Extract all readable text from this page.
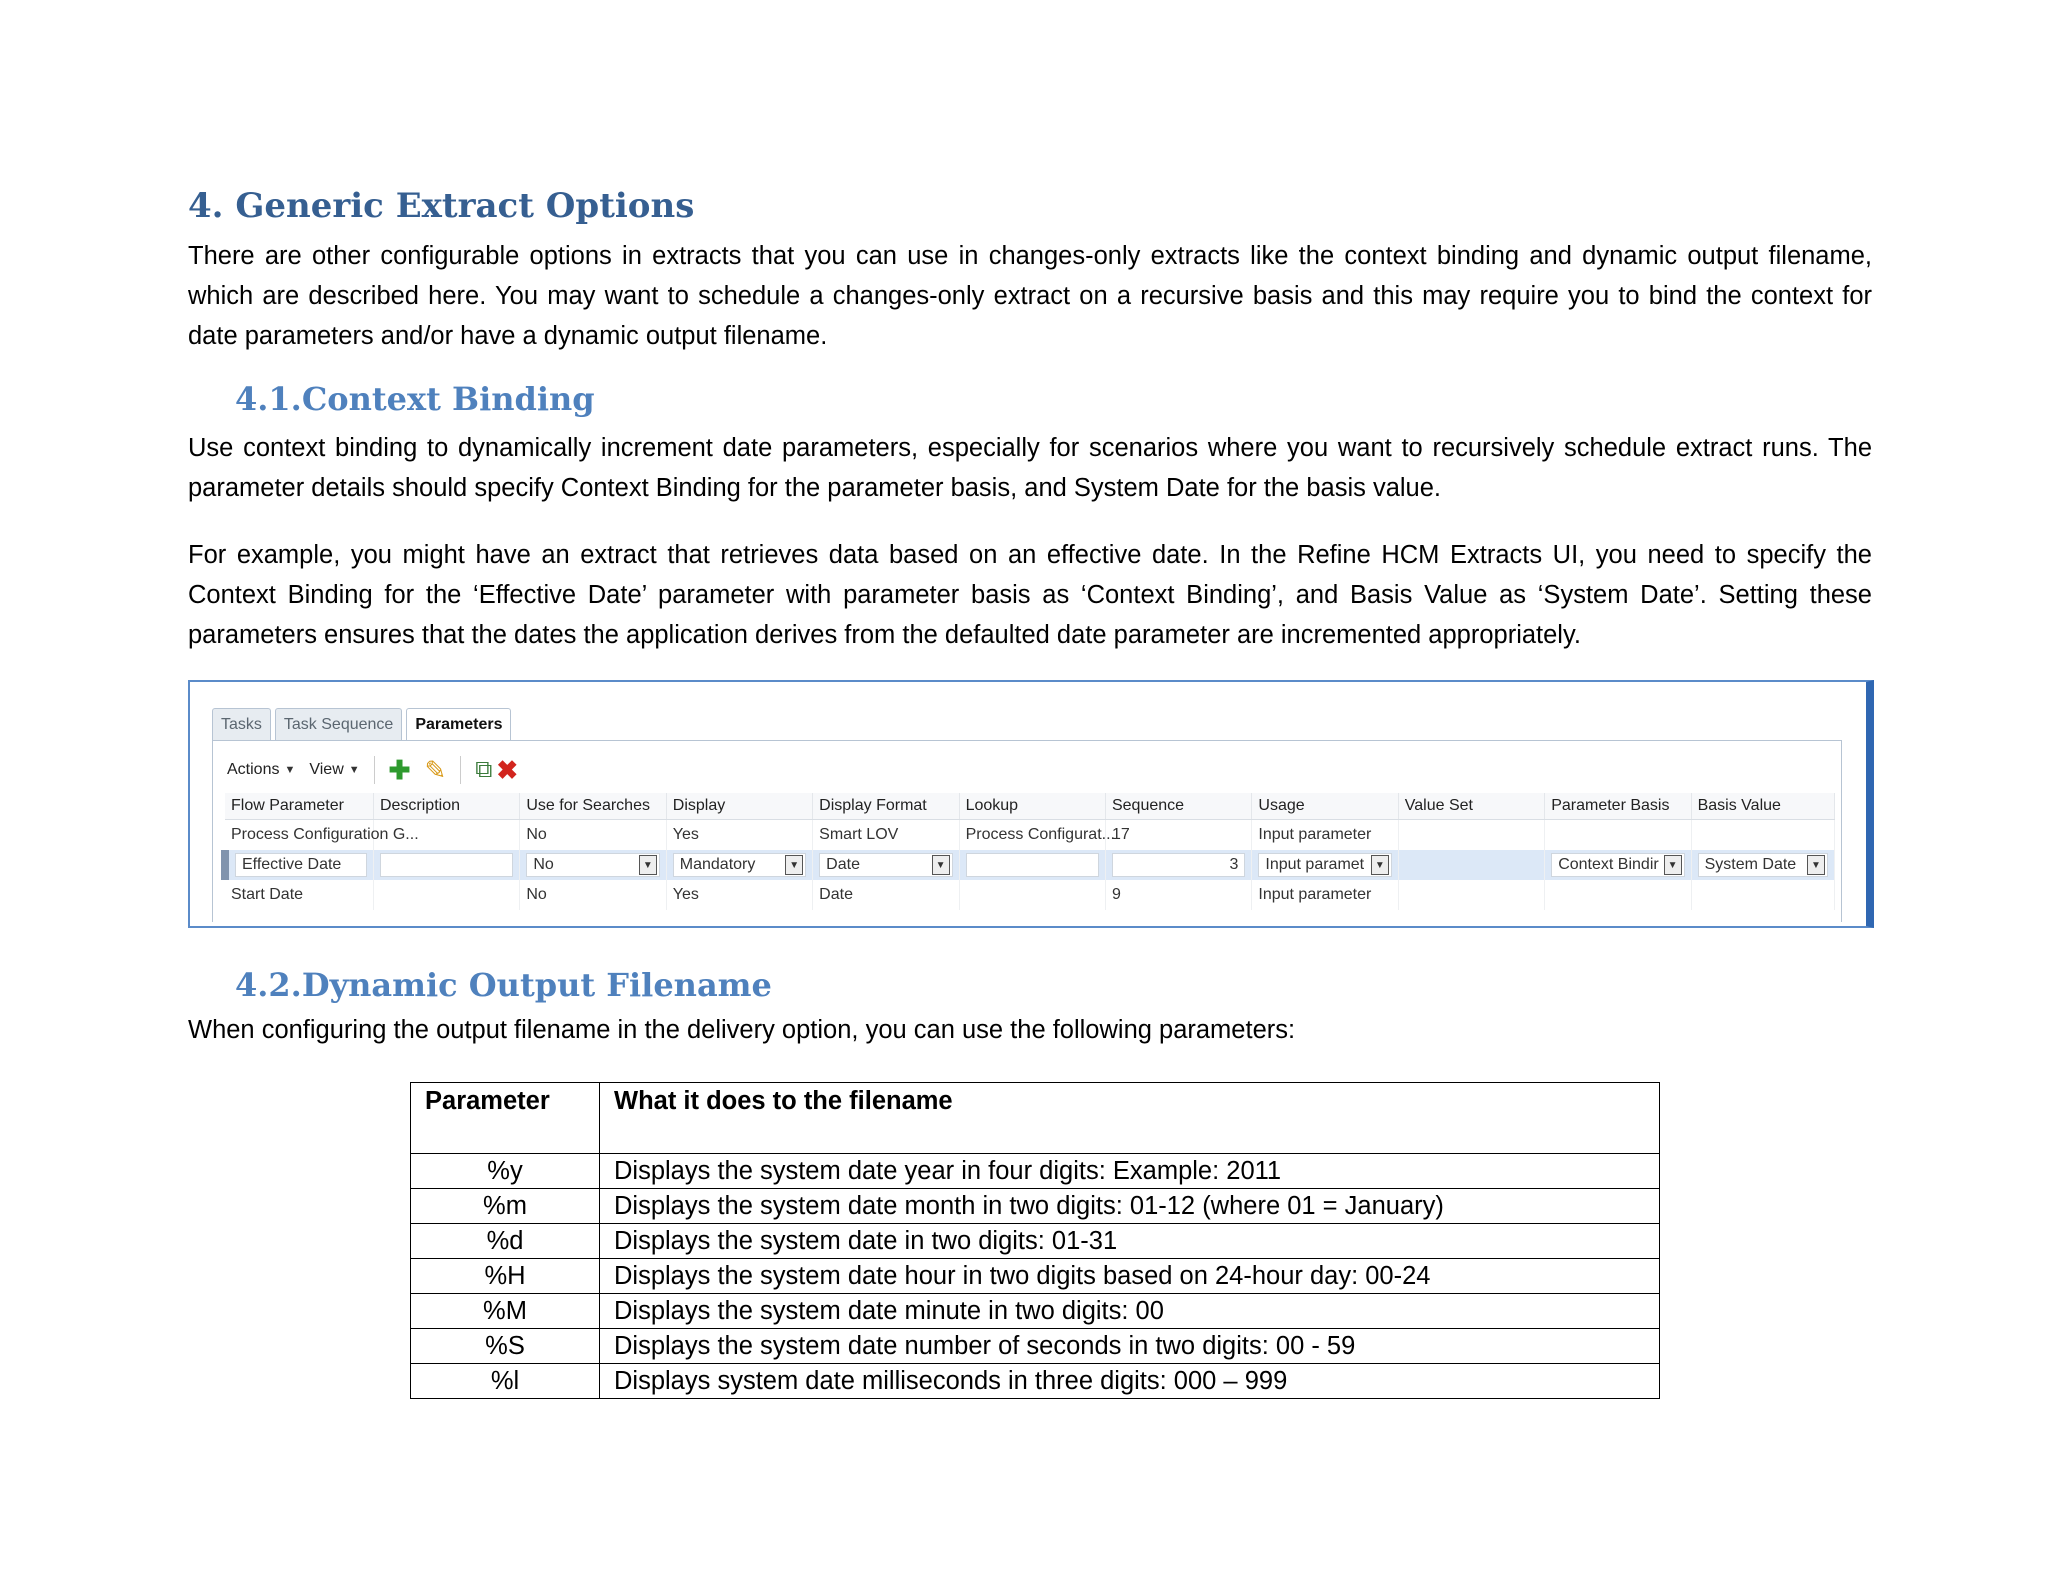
4. Generic Extract Options

There are other configurable options in extracts that you can use in changes-only extracts like the context binding and dynamic output filename, which are described here. You may want to schedule a changes-only extract on a recursive basis and this may require you to bind the context for date parameters and/or have a dynamic output filename.

4.1.Context Binding

Use context binding to dynamically increment date parameters, especially for scenarios where you want to recursively schedule extract runs. The parameter details should specify Context Binding for the parameter basis, and System Date for the basis value.

For example, you might have an extract that retrieves data based on an effective date. In the Refine HCM Extracts UI, you need to specify the Context Binding for the ‘Effective Date’ parameter with parameter basis as ‘Context Binding’, and Basis Value as ‘System Date’. Setting these parameters ensures that the dates the application derives from the defaulted date parameter are incremented appropriately.

Tasks	Task Sequence	Parameters
Actions ▼ View ▼ ✚ ✎ ⧉ ✖
Flow Parameter	Description	Use for Searches	Display	Display Format	Lookup	Sequence	Usage	Value Set	Parameter Basis	Basis Value
Process Configuration G...		No	Yes	Smart LOV	Process Configurat...	17	Input parameter			

Effective Date		No ▼	Mandatory ▼	Date ▼		3	Input paramet ▼		Context Bindir ▼	System Date ▼

Start Date		No	Yes	Date		9	Input parameter			
4.2.Dynamic Output Filename

When configuring the output filename in the delivery option, you can use the following parameters:

Parameter	What it does to the filename
%y	Displays the system date year in four digits: Example: 2011
%m	Displays the system date month in two digits: 01-12 (where 01 = January)
%d	Displays the system date in two digits: 01-31
%H	Displays the system date hour in two digits based on 24-hour day: 00-24
%M	Displays the system date minute in two digits: 00
%S	Displays the system date number of seconds in two digits: 00 - 59
%l	Displays system date milliseconds in three digits: 000 – 999
